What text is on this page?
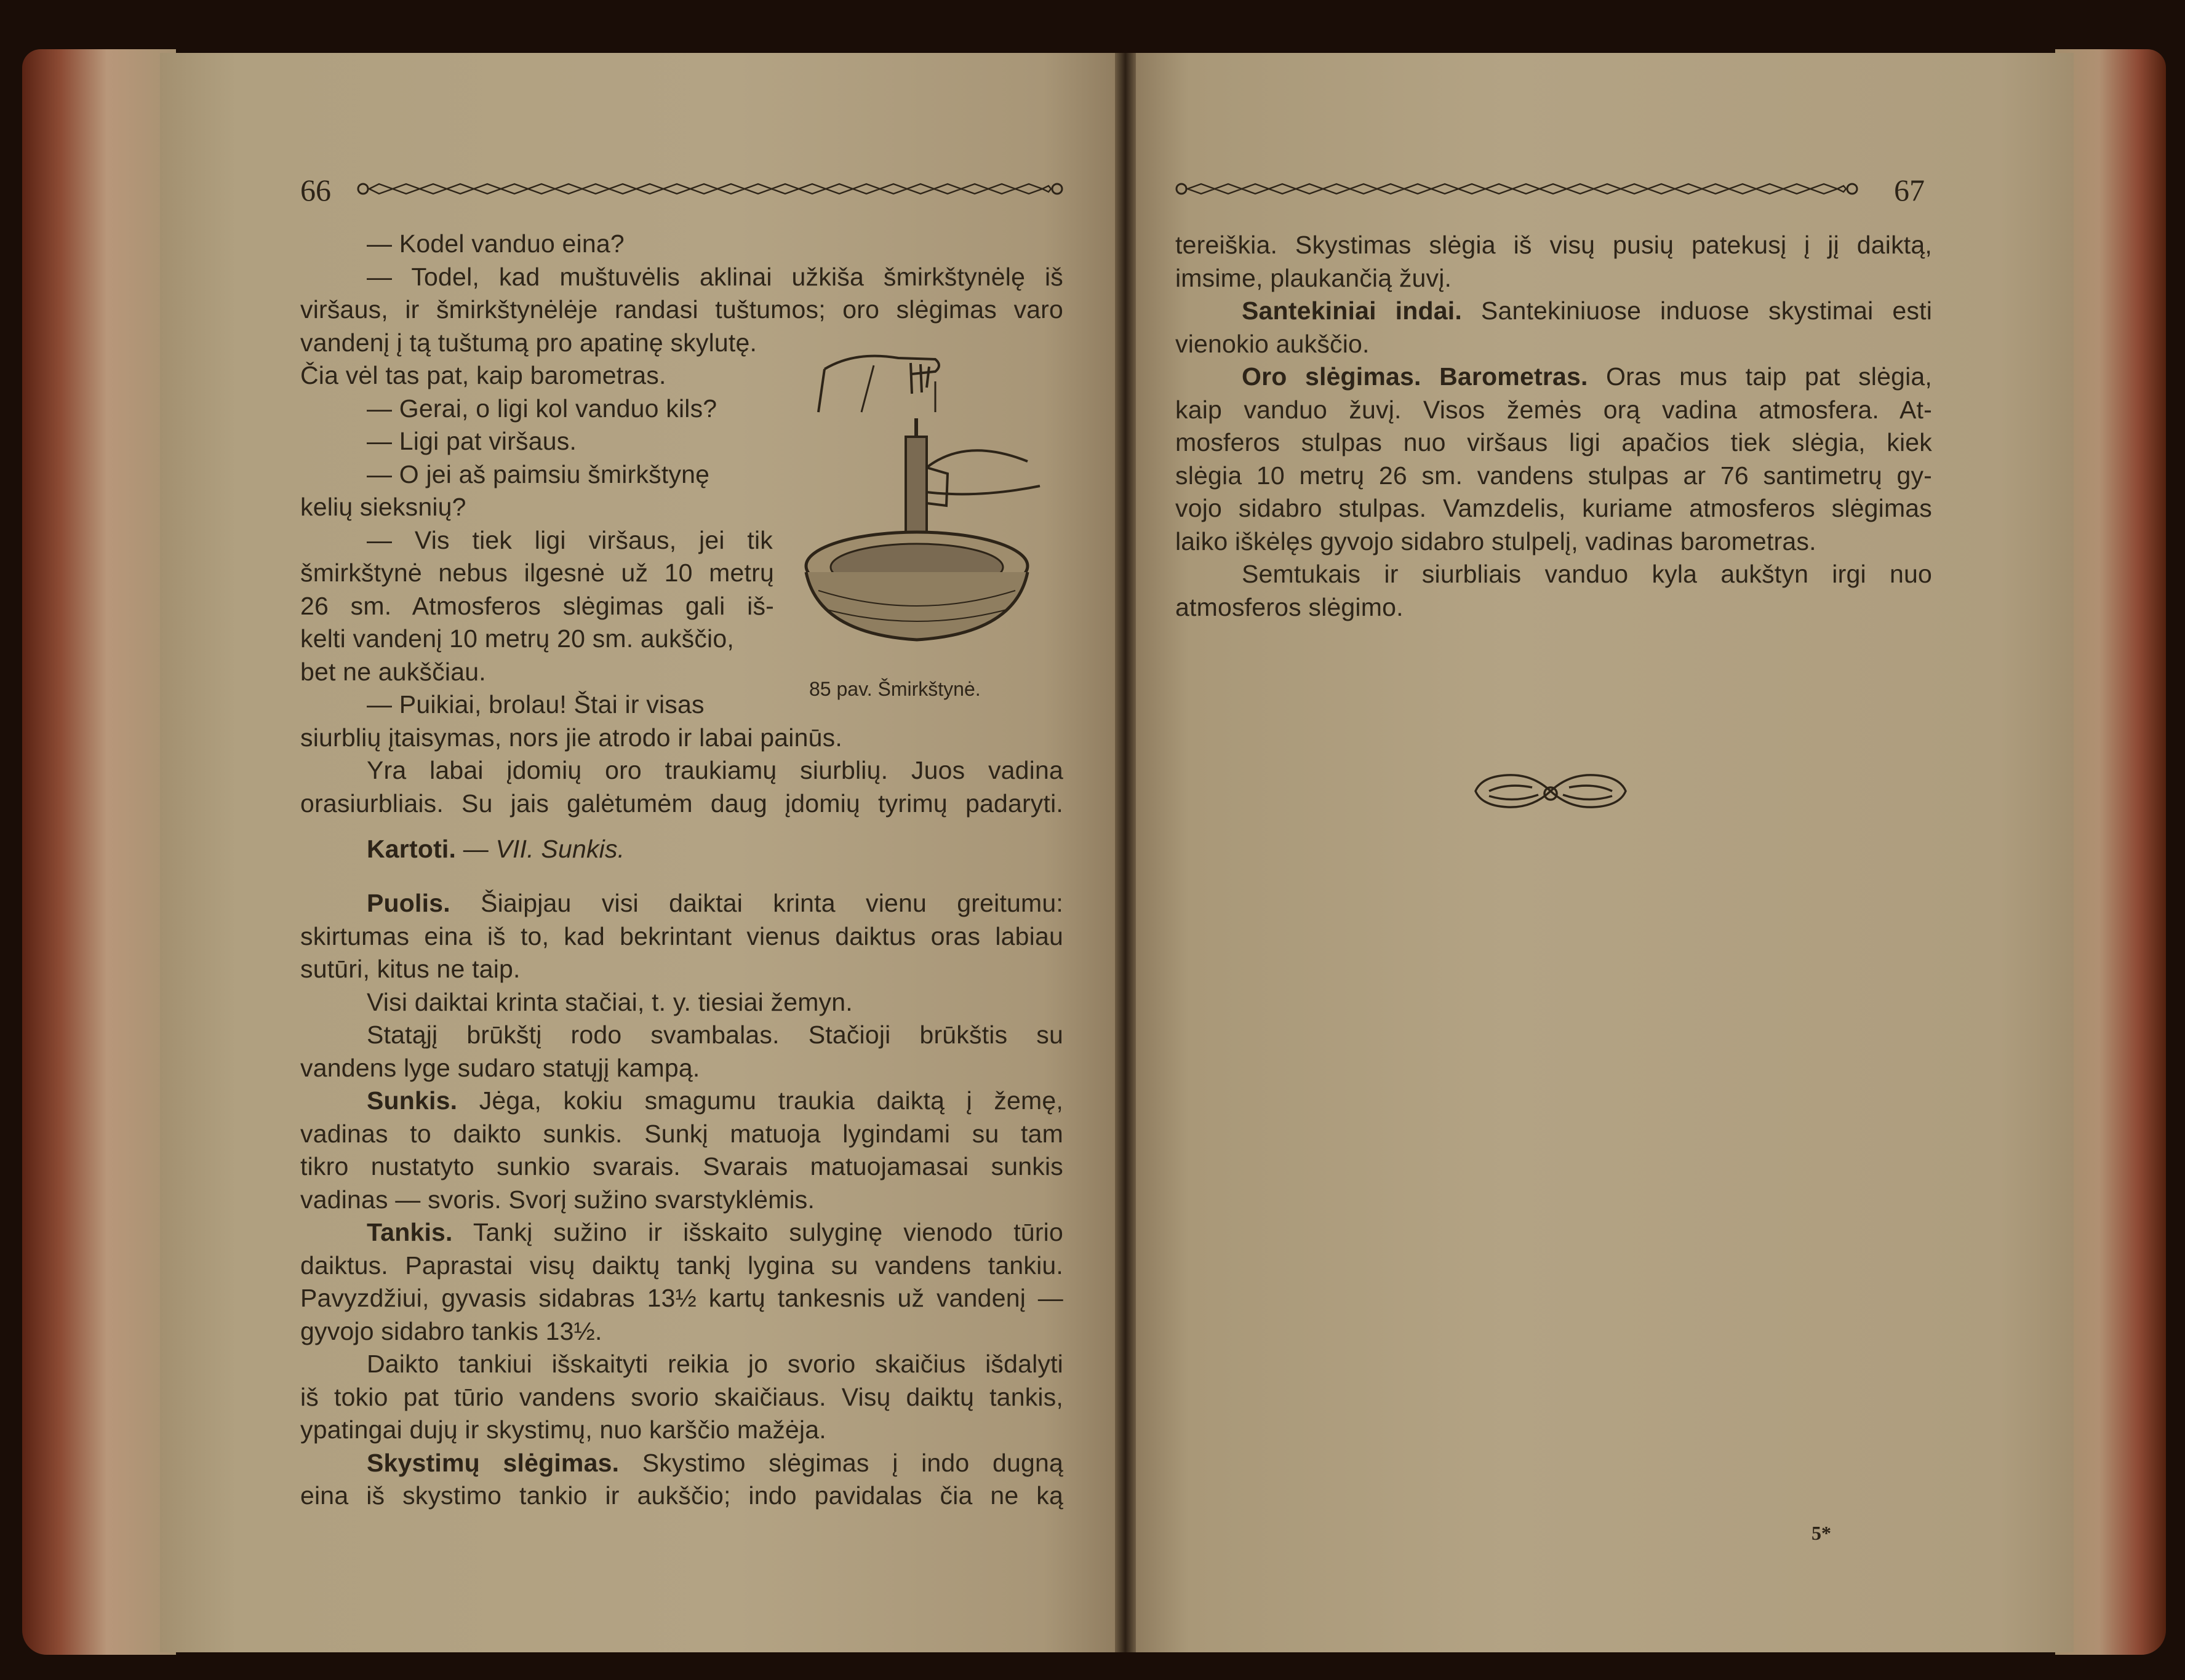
66
— Kodel vanduo eina?
— Todel, kad muštuvėlis aklinai užkiša šmirkštynėlę iš
viršaus, ir šmirkštynėlėje randasi tuštumos; oro slėgimas varo
vandenį į tą tuštumą pro apatinę skylutę.
Čia vėl tas pat, kaip barometras.
— Gerai, o ligi kol vanduo kils?
— Ligi pat viršaus.
— O jei aš paimsiu šmirkštynę
kelių sieksnių?
— Vis tiek ligi viršaus, jei tik
šmirkštynė nebus ilgesnė už 10 metrų
26 sm. Atmosferos slėgimas gali iš-
kelti vandenį 10 metrų 20 sm. aukščio,
bet ne aukščiau.
— Puikiai, brolau! Štai ir visas
siurblių įtaisymas, nors jie atrodo ir labai painūs.
Yra labai įdomių oro traukiamų siurblių. Juos vadina
orasiurbliais. Su jais galėtumėm daug įdomių tyrimų padaryti.
85 pav. Šmirkštynė.
Kartoti. — VII. Sunkis.
Puolis. Šiaipjau visi daiktai krinta vienu greitumu:
skirtumas eina iš to, kad bekrintant vienus daiktus oras labiau
sutūri, kitus ne taip.
Visi daiktai krinta stačiai, t. y. tiesiai žemyn.
Statąjį brūkštį rodo svambalas. Stačioji brūkštis su
vandens lyge sudaro statųjį kampą.
Sunkis. Jėga, kokiu smagumu traukia daiktą į žemę,
vadinas to daikto sunkis. Sunkį matuoja lygindami su tam
tikro nustatyto sunkio svarais. Svarais matuojamasai sunkis
vadinas — svoris. Svorį sužino svarstyklėmis.
Tankis. Tankį sužino ir išskaito sulyginę vienodo tūrio
daiktus. Paprastai visų daiktų tankį lygina su vandens tankiu.
Pavyzdžiui, gyvasis sidabras 13½ kartų tankesnis už vandenį —
gyvojo sidabro tankis 13½.
Daikto tankiui išskaityti reikia jo svorio skaičius išdalyti
iš tokio pat tūrio vandens svorio skaičiaus. Visų daiktų tankis,
ypatingai dujų ir skystimų, nuo karščio mažėja.
Skystimų slėgimas. Skystimo slėgimas į indo dugną
eina iš skystimo tankio ir aukščio; indo pavidalas čia ne ką
67
tereiškia. Skystimas slėgia iš visų pusių patekusį į jį daiktą,
imsime, plaukančią žuvį.
Santekiniai indai. Santekiniuose induose skystimai esti
vienokio aukščio.
Oro slėgimas. Barometras. Oras mus taip pat slėgia,
kaip vanduo žuvį. Visos žemės orą vadina atmosfera. At-
mosferos stulpas nuo viršaus ligi apačios tiek slėgia, kiek
slėgia 10 metrų 26 sm. vandens stulpas ar 76 santimetrų gy-
vojo sidabro stulpas. Vamzdelis, kuriame atmosferos slėgimas
laiko iškėlęs gyvojo sidabro stulpelį, vadinas barometras.
Semtukais ir siurbliais vanduo kyla aukštyn irgi nuo
atmosferos slėgimo.
5*
